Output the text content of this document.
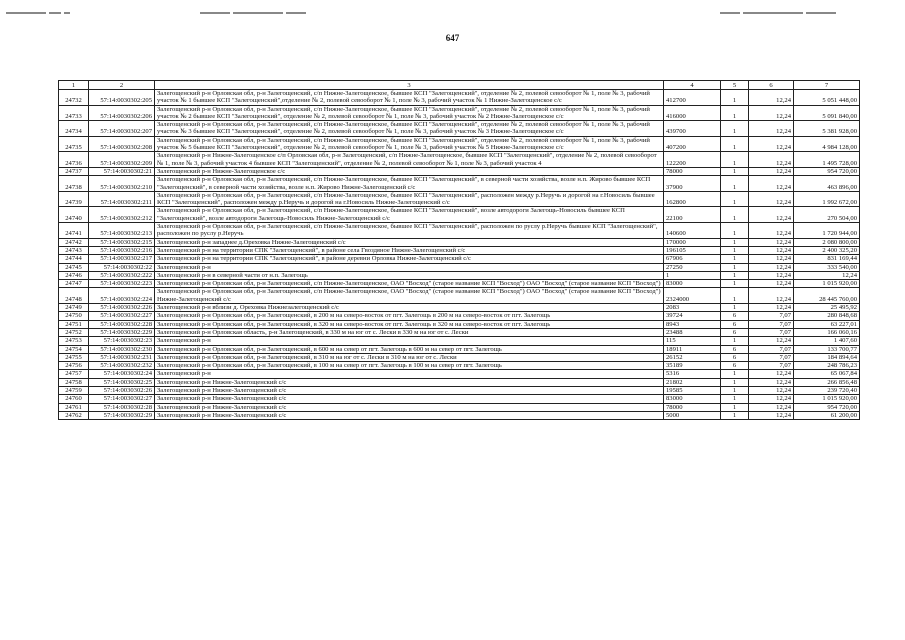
647
1	2	3	4	5	6	7
24732	57:14:0030302:205	Залегощенский р-н Орловская обл, р-н Залегощенский, с/п Нижне-Залегощенское, бывшее КСП "Залегощенский", отделение № 2, полевой севооборот № 1, поле № 3, рабочий участок № 1 бывшее КСП "Залегощенский",отделение № 2, полевой севооборот № 1, поле № 3, рабочий участок № 1 Нижне-Залегощенское с/с	412700	1	12,24	5 051 448,00
24733	57:14:0030302:206	Залегощенский р-н Орловская обл, р-н Залегощенский, с/п Нижне-Залегощенское, бывшее КСП "Залегощенский", отделение № 2, полевой севооборот № 1, поле № 3, рабочий участок № 2 бывшее КСП "Залегощенский", отделение № 2, полевой севооборот № 1, поле № 3, рабочий участок № 2 Нижне-Залегощенское с/с	416000	1	12,24	5 091 840,00
24734	57:14:0030302:207	Залегощенский р-н Орловская обл, р-н Залегощенский, с/п Нижне-Залегощенское, бывшее КСП "Залегощенский", отделение № 2, полевой севооборот № 1, поле № 3, рабочий участок № 3 бывшее КСП "Залегощенский", отделение № 2, полевой севооборот № 1, поле № 3, рабочий участок № 3 Нижне-Залегощенское с/с	439700	1	12,24	5 381 928,00
24735	57:14:0030302:208	Залегощенский р-н Орловская обл, р-н Залегощенский, с/п Нижне-Залегощенское, бывшее КСП "Залегощенский", отделение № 2, полевой севооборот № 1, поле № 3, рабочий участок № 5 бывшее КСП "Залегощенский", отделение № 2, полевой севооборот № 1, поле № 3, рабочий участок № 5 Нижне-Залегощенское с/с	407200	1	12,24	4 984 128,00
24736	57:14:0030302:209	Залегощенский р-н Нижне-Залегощенское с/п Орловская обл, р-н Залегощенский, с/п Нижне-Залегощенское, бывшее КСП "Залегощенский", отделение № 2, полевой севооборот № 1, поле № 3, рабочий участок 4 бывшее КСП "Залегощенский", отделение № 2, полевой севооборот № 1, поле № 3, рабочий участок 4	122200	1	12,24	1 495 728,00
24737	57:14:0030302:21	Залегощенский р-н Нижне-Залегощенское с/с	78000	1	12,24	954 720,00
24738	57:14:0030302:210	Залегощенский р-н Орловская обл, р-н Залегощенский, с/п Нижне-Залегощенское, бывшее КСП "Залегощенский", в северной части хозяйства, возле н.п. Жирово бывшее КСП "Залегощенский", в северной части хозяйства, возле н.п. Жирово Нижне-Залегощенский с/с	37900	1	12,24	463 896,00
24739	57:14:0030302:211	Залегощенский р-н Орловская обл, р-н Залегощенский, с/п Нижне-Залегощенское, бывшее КСП "Залегощенский", расположен между р.Неручь и дорогой на г.Новосиль бывшее КСП "Залегощенский", расположен между р.Неручь и дорогой на г.Новосиль Нижне-Залегощенский с/с	162800	1	12,24	1 992 672,00
24740	57:14:0030302:212	Залегощенский р-н Орловская обл, р-н Залегощенский, с/п Нижне-Залегощенское, бывшее КСП "Залегощенский", возле автодороги Залегощь-Новосиль бывшее КСП "Залегощенский", возле автодороги Залегощь-Новосиль Нижне-Залегощенский с/с	22100	1	12,24	270 504,00
24741	57:14:0030302:213	Залегощенский р-н Орловская обл, р-н Залегощенский, с/п Нижне-Залегощенское, бывшее КСП "Залегощенский", расположен по руслу р.Неручь бывшее КСП "Залегощенский", расположен по руслу р.Неручь	140600	1	12,24	1 720 944,00
24742	57:14:0030302:215	Залегощенский р-н западнее д.Ореховка Нижне-Залегощенский с/с	170000	1	12,24	2 080 800,00
24743	57:14:0030302:216	Залегощенский р-н на территории СПК "Залегощенский", в районе села Гвоздяное Нижне-Залегощенский с/с	196105	1	12,24	2 400 325,20
24744	57:14:0030302:217	Залегощенский р-н на территории СПК "Залегощенский", в районе деревни Орловка Нижне-Залегощенский с/с	67906	1	12,24	831 169,44
24745	57:14:0030302:22	Залегощенский р-н	27250	1	12,24	333 540,00
24746	57:14:0030302:222	Залегощенский р-н в северной части от н.п. Залегощь	1	1	12,24	12,24
24747	57:14:0030302:223	Залегощенский р-н Орловская обл, р-н Залегощенский, с/п Нижне-Залегощенское, ОАО "Восход" (старое название КСП "Восход") ОАО "Восход" (старое название КСП "Восход")	83000	1	12,24	1 015 920,00
24748	57:14:0030302:224	Залегощенский р-н Орловская обл, р-н Залегощенский, с/п Нижне-Залегощенское, ОАО "Восход" (старое название КСП "Восход") ОАО "Восход" (старое название КСП "Восход") Нижне-Залегощенский с/с	2324000	1	12,24	28 445 760,00
24749	57:14:0030302:226	Залегощенский р-н вблизи д. Ореховка Нижнезалегощенский с/с	2083	1	12,24	25 495,92
24750	57:14:0030302:227	Залегощенский р-н Орловская обл, р-н Залегощенский, в 200 м на северо-восток от пгт. Залегощь в 200 м на северо-восток от пгт. Залегощь	39724	6	7,07	280 848,68
24751	57:14:0030302:228	Залегощенский р-н Орловская обл, р-н Залегощенский, в 320 м на северо-восток от пгт. Залегощь в 320 м на северо-восток от пгт. Залегощь	8943	6	7,07	63 227,01
24752	57:14:0030302:229	Залегощенский р-н Орловская область, р-н Залегощенский, в 330 м на юг от с. Лески в 330 м на юг от с. Лески	23488	6	7,07	166 060,16
24753	57:14:0030302:23	Залегощенский р-н	115	1	12,24	1 407,60
24754	57:14:0030302:230	Залегощенский р-н Орловская обл, р-н Залегощенский, в 600 м на север от пгт. Залегощь в 600 м на север от пгт. Залегощь	18911	6	7,07	133 700,77
24755	57:14:0030302:231	Залегощенский р-н Орловская обл, р-н Залегощенский, в 310 м на юг от с. Лески в 310 м на юг от с. Лески	26152	6	7,07	184 894,64
24756	57:14:0030302:232	Залегощенский р-н Орловская обл, р-н Залегощенский, в 100 м на север от пгт. Залегощь в 100 м на север от пгт. Залегощь	35189	6	7,07	248 786,23
24757	57:14:0030302:24	Залегощенский р-н	5316	1	12,24	65 067,84
24758	57:14:0030302:25	Залегощенский р-н Нижне-Залегощенский с/с	21802	1	12,24	266 856,48
24759	57:14:0030302:26	Залегощенский р-н Нижне-Залегощенский с/с	19585	1	12,24	239 720,40
24760	57:14:0030302:27	Залегощенский р-н Нижне-Залегощенский с/с	83000	1	12,24	1 015 920,00
24761	57:14:0030302:28	Залегощенский р-н Нижне-Залегощенский с/с	78000	1	12,24	954 720,00
24762	57:14:0030302:29	Залегощенский р-н Нижне-Залегощенский с/с	5000	1	12,24	61 200,00
